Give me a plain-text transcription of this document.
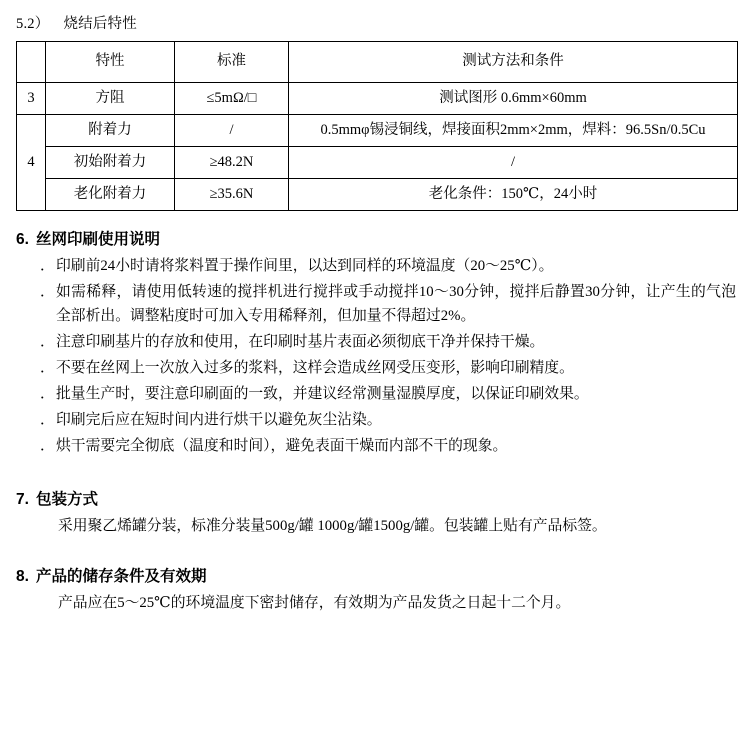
5.2） 烧结后特性
	特性	标准	测试方法和条件
3	方阻	≤5mΩ/□	测试图形 0.6mm×60mm
4	附着力	/	0.5mmφ锡浸铜线，焊接面积2mm×2mm，焊料：96.5Sn/0.5Cu
	初始附着力	≥48.2N	/
	老化附着力	≥35.6N	老化条件：150℃，24小时
6. 丝网印刷使用说明
． 印刷前24小时请将浆料置于操作间里，以达到同样的环境温度（20～25℃）。
． 如需稀释，请使用低转速的搅拌机进行搅拌或手动搅拌10～30分钟，搅拌后静置30分钟，让产生的气泡全部析出。调整粘度时可加入专用稀释剂，但加量不得超过2%。
． 注意印刷基片的存放和使用，在印刷时基片表面必须彻底干净并保持干燥。
． 不要在丝网上一次放入过多的浆料，这样会造成丝网受压变形，影响印刷精度。
． 批量生产时，要注意印刷面的一致，并建议经常测量湿膜厚度，以保证印刷效果。
． 印刷完后应在短时间内进行烘干以避免灰尘沾染。
． 烘干需要完全彻底（温度和时间），避免表面干燥而内部不干的现象。
7. 包装方式

采用聚乙烯罐分装，标准分装量500g/罐 1000g/罐1500g/罐。包装罐上贴有产品标签。

8. 产品的储存条件及有效期

产品应在5～25℃的环境温度下密封储存，有效期为产品发货之日起十二个月。
